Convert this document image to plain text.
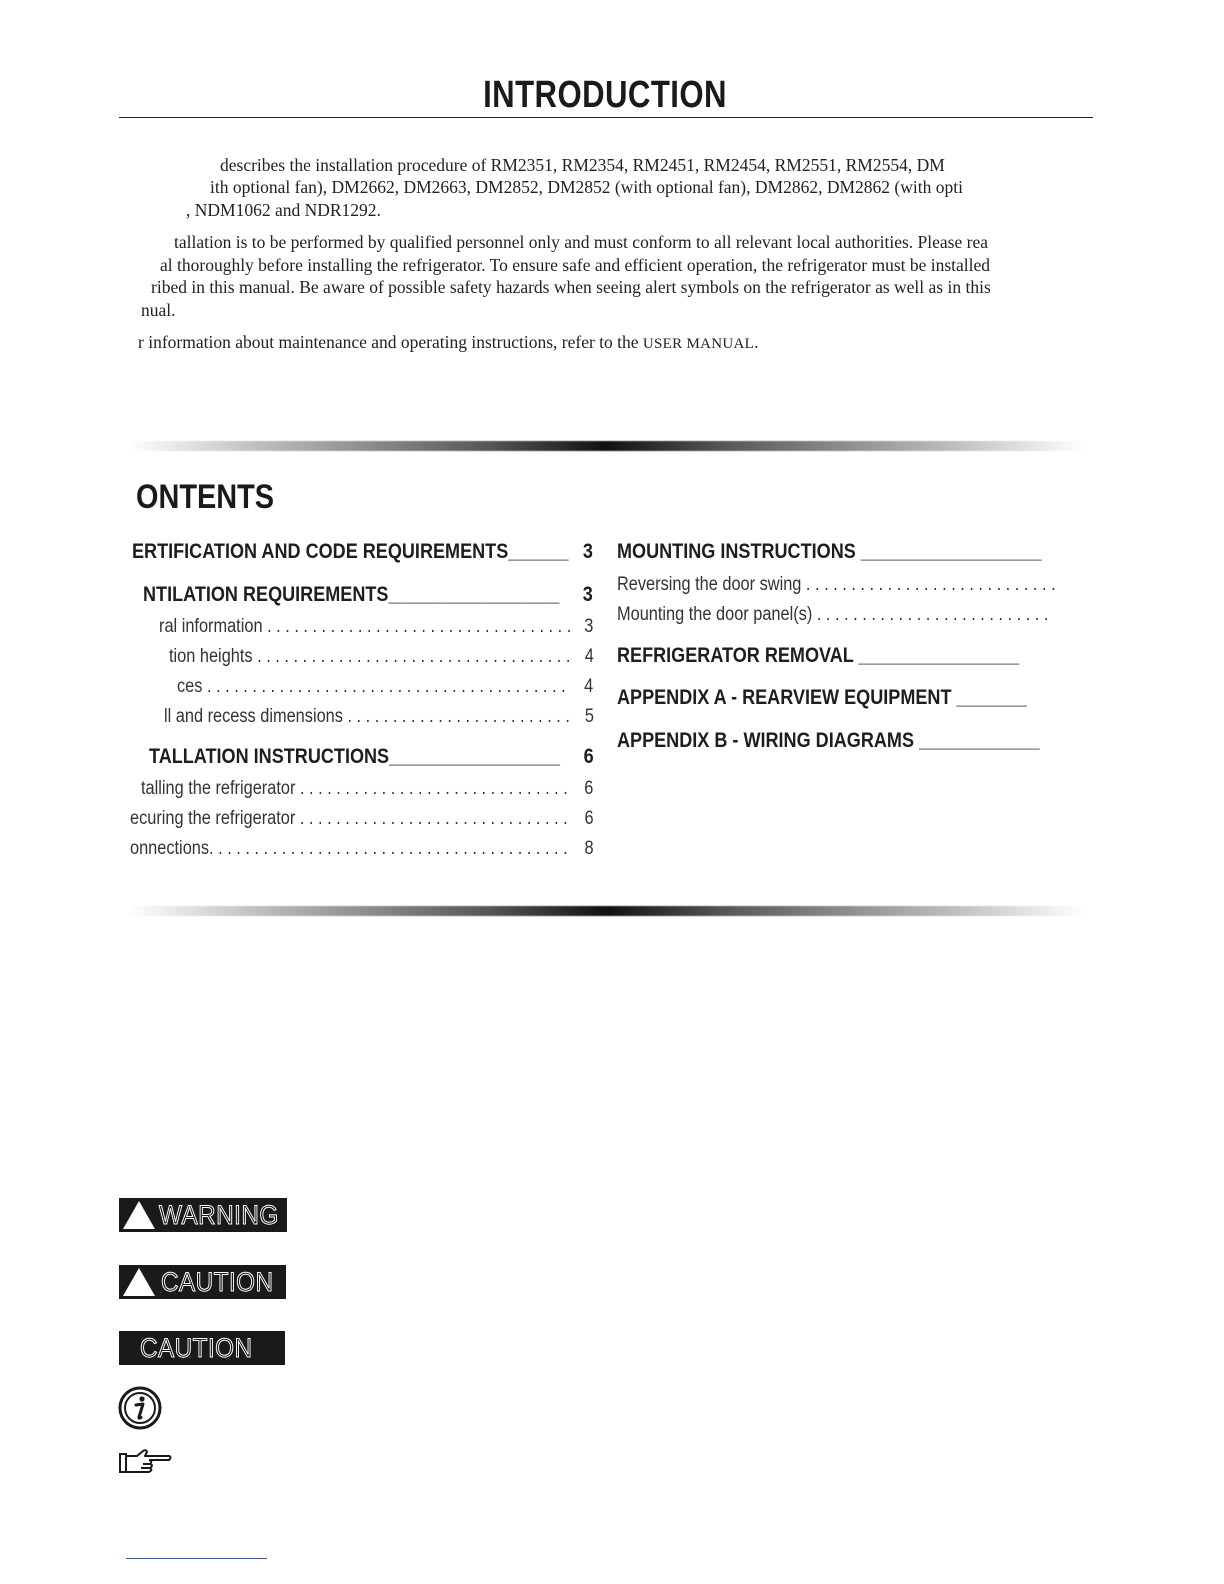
INTRODUCTION
describes the installation procedure of RM2351, RM2354, RM2451, RM2454, RM2551, RM2554, DM
ith optional fan), DM2662, DM2663, DM2852, DM2852 (with optional fan), DM2862, DM2862 (with opti
, NDM1062 and NDR1292.
tallation is to be performed by qualified personnel only and must conform to all relevant local authorities. Please rea
al thoroughly before installing the refrigerator. To ensure safe and efficient operation, the refrigerator must be installed
ribed in this manual. Be aware of possible safety hazards when seeing alert symbols on the refrigerator as well as in this
nual.
r information about maintenance and operating instructions, refer to the USER MANUAL.
ONTENTS
ERTIFICATION AND CODE REQUIREMENTS______ 3
NTILATION REQUIREMENTS_________________ 3
ral information . . . . . . . . . . . . . . . . . . . . . . . . . . . . . . . . . . 3
tion heights . . . . . . . . . . . . . . . . . . . . . . . . . . . . . . . . . . . 4
ces . . . . . . . . . . . . . . . . . . . . . . . . . . . . . . . . . . . . . . . . 4
ll and recess dimensions . . . . . . . . . . . . . . . . . . . . . . . . . 5
TALLATION INSTRUCTIONS_________________ 6
talling the refrigerator . . . . . . . . . . . . . . . . . . . . . . . . . . . . . . 6
ecuring the refrigerator . . . . . . . . . . . . . . . . . . . . . . . . . . . . . . 6
onnections. . . . . . . . . . . . . . . . . . . . . . . . . . . . . . . . . . . . . . . . 8
MOUNTING INSTRUCTIONS __________________
Reversing the door swing . . . . . . . . . . . . . . . . . . . . . . . . . . . .
Mounting the door panel(s) . . . . . . . . . . . . . . . . . . . . . . . . . .
REFRIGERATOR REMOVAL ________________
APPENDIX A - REARVIEW EQUIPMENT _______
APPENDIX B - WIRING DIAGRAMS ____________
WARNING
CAUTION
CAUTION
